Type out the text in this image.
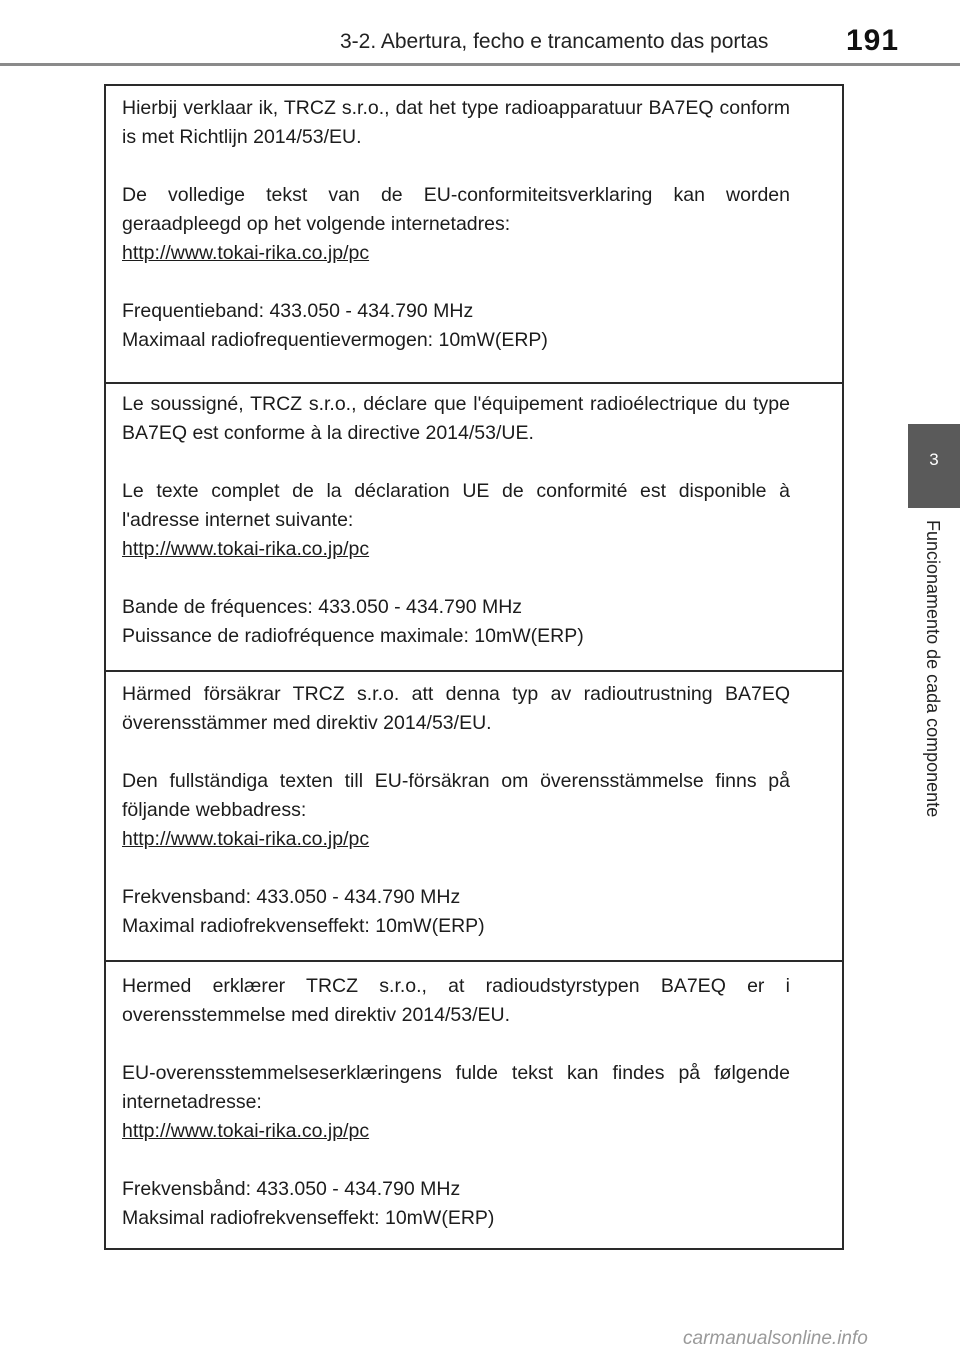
3-2. Abertura, fecho e trancamento das portas	191
3
Funcionamento de cada componente

Hierbij verklaar ik, TRCZ s.r.o., dat het type radioapparatuur BA7EQ conform is met Richtlijn 2014/53/EU.

De volledige tekst van de EU-conformiteitsverklaring kan worden geraadpleegd op het volgende internetadres:

http://www.tokai-rika.co.jp/pc
Frequentieband: 433.050 - 434.790 MHz
Maximaal radiofrequentievermogen: 10mW(ERP)

Le soussigné, TRCZ s.r.o., déclare que l'équipement radioélectrique du type BA7EQ est conforme à la directive 2014/53/UE.

Le texte complet de la déclaration UE de conformité est disponible à l'adresse internet suivante:

http://www.tokai-rika.co.jp/pc
Bande de fréquences: 433.050 - 434.790 MHz
Puissance de radiofréquence maximale: 10mW(ERP)

Härmed försäkrar TRCZ s.r.o. att denna typ av radioutrustning BA7EQ överensstämmer med direktiv 2014/53/EU.

Den fullständiga texten till EU-försäkran om överensstämmelse finns på följande webbadress:

http://www.tokai-rika.co.jp/pc
Frekvensband: 433.050 - 434.790 MHz
Maximal radiofrekvenseffekt: 10mW(ERP)

Hermed erklærer TRCZ s.r.o., at radioudstyrstypen BA7EQ er i overensstemmelse med direktiv 2014/53/EU.

EU-overensstemmelseserklæringens fulde tekst kan findes på følgende internetadresse:

http://www.tokai-rika.co.jp/pc
Frekvensbånd: 433.050 - 434.790 MHz
Maksimal radiofrekvenseffekt: 10mW(ERP)
carmanualsonline.info
